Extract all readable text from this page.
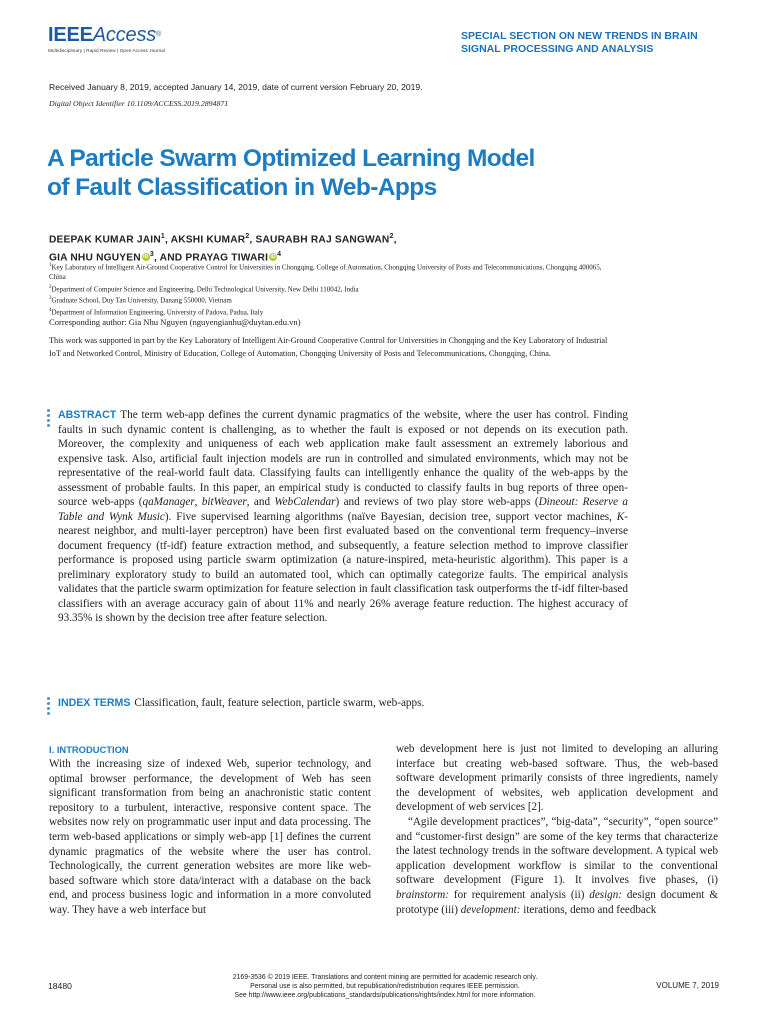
IEEEAccess®
Multidisciplinary | Rapid Review | Open Access Journal
SPECIAL SECTION ON NEW TRENDS IN BRAIN SIGNAL PROCESSING AND ANALYSIS
Received January 8, 2019, accepted January 14, 2019, date of current version February 20, 2019.
Digital Object Identifier 10.1109/ACCESS.2019.2894871
A Particle Swarm Optimized Learning Model
of Fault Classification in Web-Apps
DEEPAK KUMAR JAIN$^1$, AKSHI KUMAR$^2$, SAURABH RAJ SANGWAN$^2$,
GIA NHU NGUYEN $iD^3$, AND PRAYAG TIWARI $iD^4$
$^1$Key Laboratory of Intelligent Air-Ground Cooperative Control for Universities in Chongqing, College of Automation, Chongqing University of Posts and Telecommunications, Chongqing 400065, China
$^2$Department of Computer Science and Engineering, Delhi Technological University, New Delhi 110042, India
$^3$Graduate School, Duy Tan University, Danang 550000, Vietnam
$^4$Department of Information Engineering, University of Padova, Padua, Italy
Corresponding author: Gia Nhu Nguyen (nguyengianhu@duytan.edu.vn)
This work was supported in part by the Key Laboratory of Intelligent Air-Ground Cooperative Control for Universities in Chongqing and the Key Laboratory of Industrial IoT and Networked Control, Ministry of Education, College of Automation, Chongqing University of Posts and Telecommunications, Chongqing, China.
ABSTRACT The term web-app defines the current dynamic pragmatics of the website, where the user has control. Finding faults in such dynamic content is challenging, as to whether the fault is exposed or not depends on its execution path. Moreover, the complexity and uniqueness of each web application make fault assessment an extremely laborious and expensive task. Also, artificial fault injection models are run in controlled and simulated environments, which may not be representative of the real-world fault data. Classifying faults can intelligently enhance the quality of the web-apps by the assessment of probable faults. In this paper, an empirical study is conducted to classify faults in bug reports of three open-source web-apps (qaManager, bitWeaver, and WebCalendar) and reviews of two play store web-apps (Dineout: Reserve a Table and Wynk Music). Five supervised learning algorithms (naïve Bayesian, decision tree, support vector machines, K-nearest neighbor, and multi-layer perceptron) have been first evaluated based on the conventional term frequency–inverse document frequency (tf-idf) feature extraction method, and subsequently, a feature selection method to improve classifier performance is proposed using particle swarm optimization (a nature-inspired, meta-heuristic algorithm). This paper is a preliminary exploratory study to build an automated tool, which can optimally categorize faults. The empirical analysis validates that the particle swarm optimization for feature selection in fault classification task outperforms the tf-idf filter-based classifiers with an average accuracy gain of about 11% and nearly 26% average feature reduction. The highest accuracy of 93.35% is shown by the decision tree after feature selection.
INDEX TERMS Classification, fault, feature selection, particle swarm, web-apps.
I. INTRODUCTION
With the increasing size of indexed Web, superior technology, and optimal browser performance, the development of Web has seen significant transformation from being an anachronistic static content repository to a turbulent, interactive, responsive content space. The websites now rely on programmatic user input and data processing. The term web-based applications or simply web-app [1] defines the current dynamic pragmatics of the website where the user has control. Technologically, the current generation websites are more like web-based software which store data/interact with a database on the back end, and process business logic and information in a more convoluted way. They have a web interface but

web development here is just not limited to developing an alluring interface but creating web-based software. Thus, the web-based software development primarily consists of three ingredients, namely the development of websites, web application development and development of web services [2].

“Agile development practices”, “big-data”, “security”, “open source” and “customer-first design” are some of the key terms that characterize the latest technology trends in the software development. A typical web application development workflow is similar to the conventional software development (Figure 1). It involves five phases, (i) brainstorm: for requirement analysis (ii) design: design document & prototype (iii) development: iterations, demo and feedback

18480
2169-3536 © 2019 IEEE. Translations and content mining are permitted for academic research only.
Personal use is also permitted, but republication/redistribution requires IEEE permission.
See http://www.ieee.org/publications_standards/publications/rights/index.html for more information.
VOLUME 7, 2019
